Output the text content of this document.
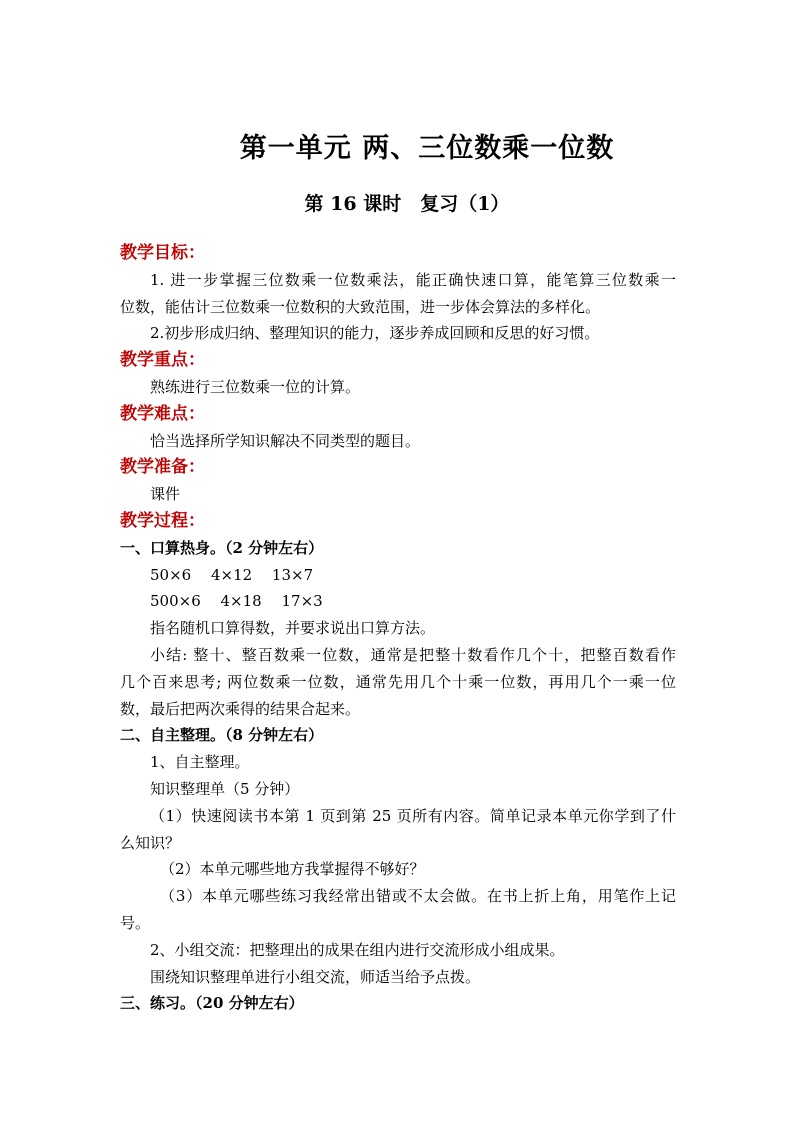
第一单元 两、三位数乘一位数
第 16 课时　复习（1）
教学目标：
1. 进一步掌握三位数乘一位数乘法，能正确快速口算，能笔算三位数乘一
位数，能估计三位数乘一位数积的大致范围，进一步体会算法的多样化。
2.初步形成归纳、整理知识的能力，逐步养成回顾和反思的好习惯。
教学重点：
熟练进行三位数乘一位的计算。
教学难点：
恰当选择所学知识解决不同类型的题目。
教学准备：
课件
教学过程：
一、口算热身。（2 分钟左右）
50×6　 4×12　 13×7
500×6　 4×18　 17×3
指名随机口算得数，并要求说出口算方法。
小结: 整十、整百数乘一位数，通常是把整十数看作几个十，把整百数看作
几个百来思考; 两位数乘一位数，通常先用几个十乘一位数，再用几个一乘一位
数，最后把两次乘得的结果合起来。
二、自主整理。（8 分钟左右）
1、自主整理。
知识整理单（5 分钟）
（1）快速阅读书本第 1 页到第 25 页所有内容。简单记录本单元你学到了什
么知识？
（2）本单元哪些地方我掌握得不够好？
（3）本单元哪些练习我经常出错或不太会做。在书上折上角，用笔作上记
号。
2、小组交流：把整理出的成果在组内进行交流形成小组成果。
围绕知识整理单进行小组交流，师适当给予点拨。
三、练习。（20 分钟左右）
